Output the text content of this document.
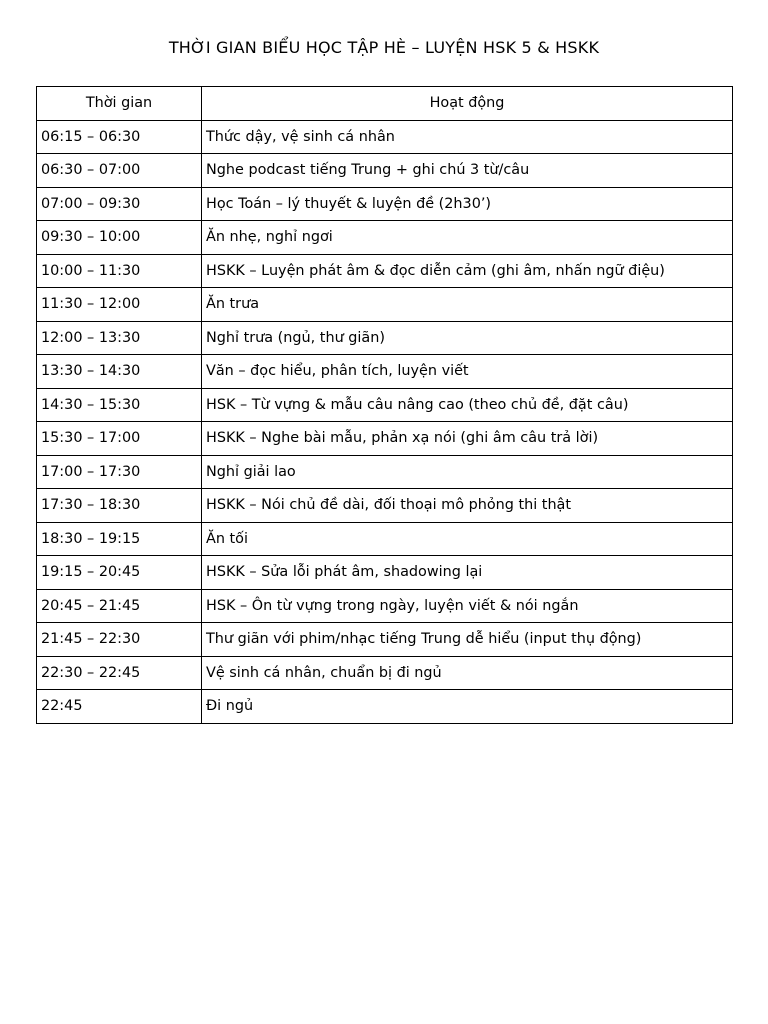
THỜI GIAN BIỂU HỌC TẬP HÈ – LUYỆN HSK 5 & HSKK
Thời gian	Hoạt động
06:15 – 06:30	Thức dậy, vệ sinh cá nhân
06:30 – 07:00	Nghe podcast tiếng Trung + ghi chú 3 từ/câu
07:00 – 09:30	Học Toán – lý thuyết & luyện đề (2h30’)
09:30 – 10:00	Ăn nhẹ, nghỉ ngơi
10:00 – 11:30	HSKK – Luyện phát âm & đọc diễn cảm (ghi âm, nhấn ngữ điệu)
11:30 – 12:00	Ăn trưa
12:00 – 13:30	Nghỉ trưa (ngủ, thư giãn)
13:30 – 14:30	Văn – đọc hiểu, phân tích, luyện viết
14:30 – 15:30	HSK – Từ vựng & mẫu câu nâng cao (theo chủ đề, đặt câu)
15:30 – 17:00	HSKK – Nghe bài mẫu, phản xạ nói (ghi âm câu trả lời)
17:00 – 17:30	Nghỉ giải lao
17:30 – 18:30	HSKK – Nói chủ đề dài, đối thoại mô phỏng thi thật
18:30 – 19:15	Ăn tối
19:15 – 20:45	HSKK – Sửa lỗi phát âm, shadowing lại
20:45 – 21:45	HSK – Ôn từ vựng trong ngày, luyện viết & nói ngắn
21:45 – 22:30	Thư giãn với phim/nhạc tiếng Trung dễ hiểu (input thụ động)
22:30 – 22:45	Vệ sinh cá nhân, chuẩn bị đi ngủ
22:45	Đi ngủ
